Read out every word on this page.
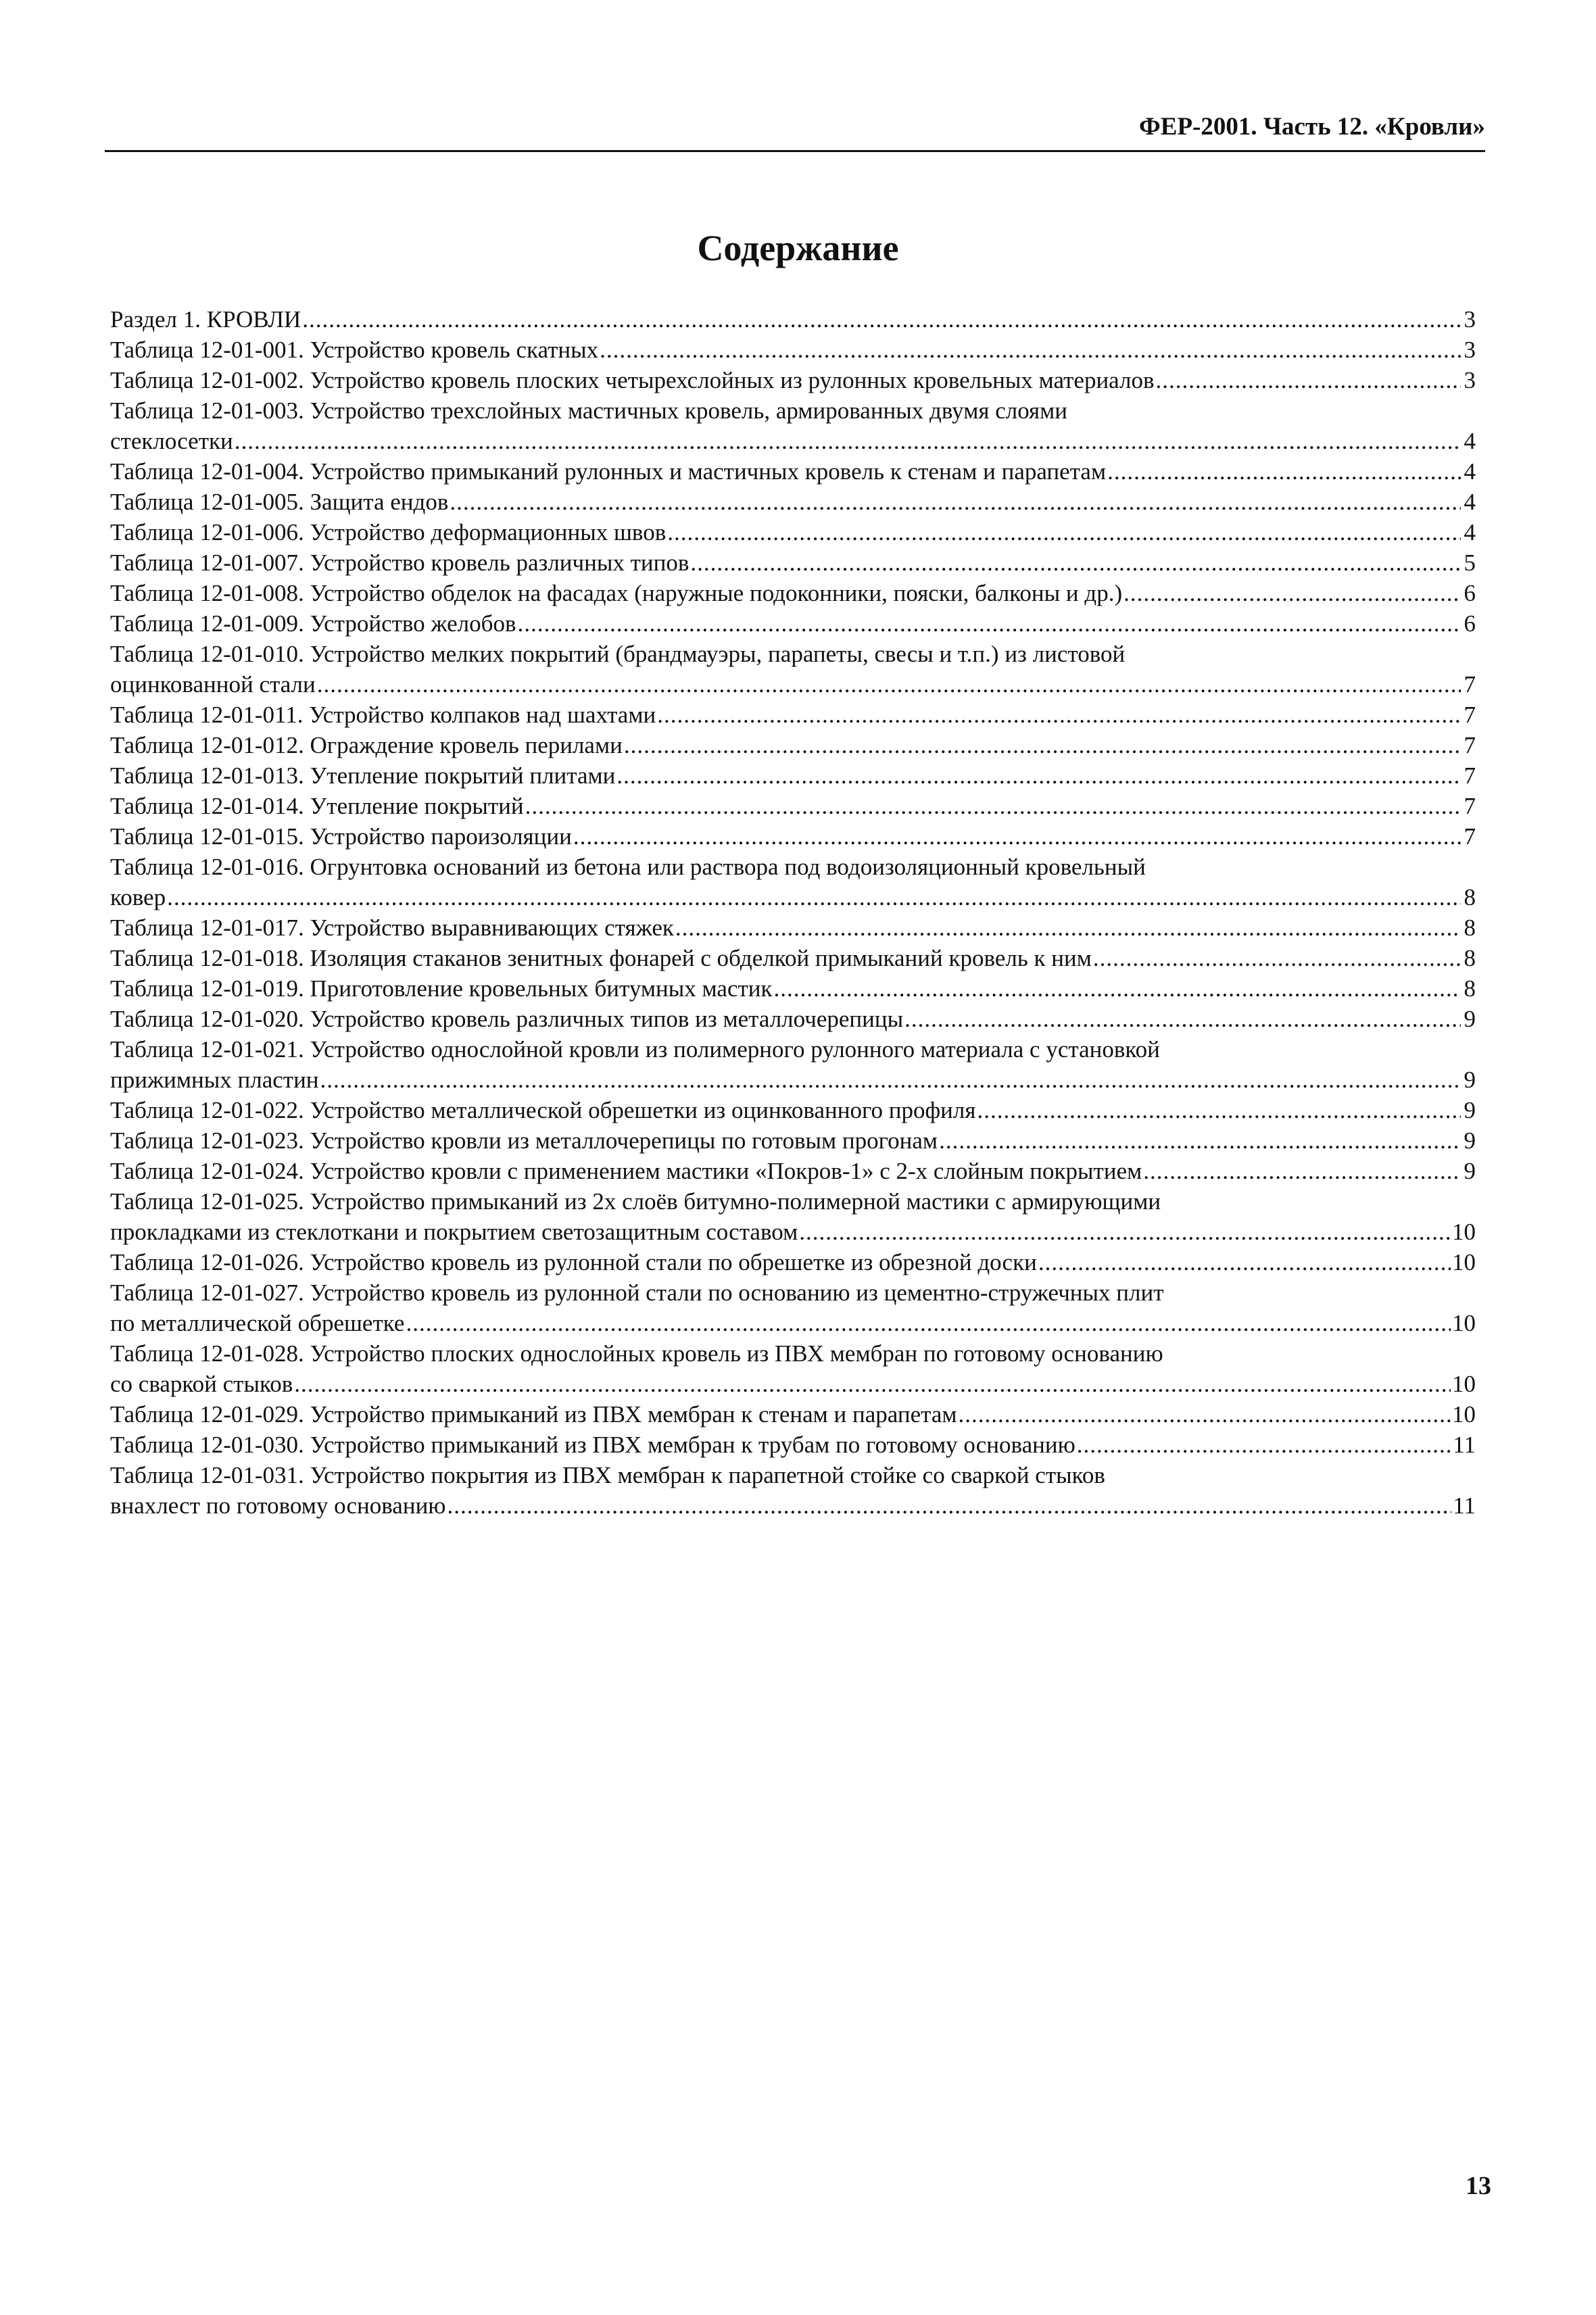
ФЕР-2001. Часть 12. «Кровли»
Содержание
Раздел 1. КРОВЛИ .....	3
Таблица 12-01-001. Устройство кровель скатных .....	3
Таблица 12-01-002. Устройство кровель плоских четырехслойных из рулонных кровельных материалов .....	3
Таблица 12-01-003. Устройство трехслойных мастичных кровель, армированных двумя слоями
стеклосетки .....	4
Таблица 12-01-004. Устройство примыканий рулонных и мастичных кровель к стенам и парапетам .....	4
Таблица 12-01-005. Защита ендов .....	4
Таблица 12-01-006. Устройство деформационных швов .....	4
Таблица 12-01-007. Устройство кровель различных типов .....	5
Таблица 12-01-008. Устройство обделок на фасадах (наружные подоконники, пояски, балконы и др.) .....	6
Таблица 12-01-009. Устройство желобов .....	6
Таблица 12-01-010. Устройство мелких покрытий (брандмауэры, парапеты, свесы и т.п.) из листовой
оцинкованной стали .....	7
Таблица 12-01-011. Устройство колпаков над шахтами .....	7
Таблица 12-01-012. Ограждение кровель перилами .....	7
Таблица 12-01-013. Утепление покрытий плитами .....	7
Таблица 12-01-014. Утепление покрытий .....	7
Таблица 12-01-015. Устройство пароизоляции .....	7
Таблица 12-01-016. Огрунтовка оснований из бетона или раствора под водоизоляционный кровельный
ковер .....	8
Таблица 12-01-017. Устройство выравнивающих стяжек .....	8
Таблица 12-01-018. Изоляция стаканов зенитных фонарей с обделкой примыканий кровель к ним .....	8
Таблица 12-01-019. Приготовление кровельных битумных мастик .....	8
Таблица 12-01-020. Устройство кровель различных типов из металлочерепицы .....	9
Таблица 12-01-021. Устройство однослойной кровли из полимерного рулонного материала с установкой
прижимных пластин .....	9
Таблица 12-01-022. Устройство металлической обрешетки из оцинкованного профиля .....	9
Таблица 12-01-023. Устройство кровли из металлочерепицы по готовым прогонам .....	9
Таблица 12-01-024. Устройство кровли с применением мастики «Покров-1» с 2-х слойным покрытием .....	9
Таблица 12-01-025. Устройство примыканий из 2х слоёв битумно-полимерной мастики с армирующими
прокладками из стеклоткани и покрытием светозащитным составом .....	10
Таблица 12-01-026. Устройство кровель из рулонной стали по обрешетке из обрезной доски .....	10
Таблица 12-01-027. Устройство кровель из рулонной стали по основанию из цементно-стружечных плит
по металлической обрешетке .....	10
Таблица 12-01-028. Устройство плоских однослойных кровель из ПВХ мембран по готовому основанию
со сваркой стыков .....	10
Таблица 12-01-029. Устройство примыканий из ПВХ мембран к стенам и парапетам .....	10
Таблица 12-01-030. Устройство примыканий из ПВХ мембран к трубам по готовому основанию .....	11
Таблица 12-01-031. Устройство покрытия из ПВХ мембран к парапетной стойке со сваркой стыков
внахлест по готовому основанию .....	11
13
